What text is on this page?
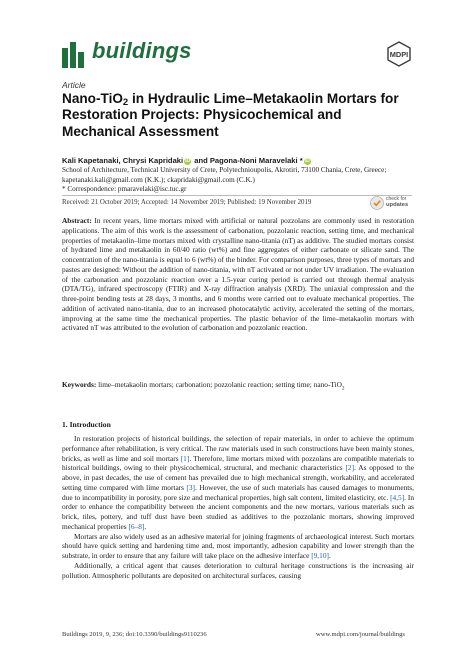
buildings	MDPI
Article
Nano-TiO$_2$ in Hydraulic Lime–Metakaolin Mortars for Restoration Projects: Physicochemical and Mechanical Assessment
Kali Kapetanaki, Chrysi Kapridaki iD and Pagona-Noni Maravelaki * iD
School of Architecture, Technical University of Crete, Polytechnioupolis, Akrotiri, 73100 Chania, Crete, Greece; kapetanaki.kali@gmail.com (K.K.); ckapridaki@gmail.com (C.K.)
* Correspondence: pmaravelaki@isc.tuc.gr
Received: 21 October 2019; Accepted: 14 November 2019; Published: 19 November 2019	check for
updates
Abstract: In recent years, lime mortars mixed with artificial or natural pozzolans are commonly used in restoration applications. The aim of this work is the assessment of carbonation, pozzolanic reaction, setting time, and mechanical properties of metakaolin–lime mortars mixed with crystalline nano-titania (nT) as additive. The studied mortars consist of hydrated lime and metakaolin in 60/40 ratio (wt%) and fine aggregates of either carbonate or silicate sand. The concentration of the nano-titania is equal to 6 (wt%) of the binder. For comparison purposes, three types of mortars and pastes are designed: Without the addition of nano-titania, with nT activated or not under UV irradiation. The evaluation of the carbonation and pozzolanic reaction over a 1.5-year curing period is carried out through thermal analysis (DTA/TG), infrared spectroscopy (FTIR) and X-ray diffraction analysis (XRD). The uniaxial compression and the three-point bending tests at 28 days, 3 months, and 6 months were carried out to evaluate mechanical properties. The addition of activated nano-titania, due to an increased photocatalytic activity, accelerated the setting of the mortars, improving at the same time the mechanical properties. The plastic behavior of the lime–metakaolin mortars with activated nT was attributed to the evolution of carbonation and pozzolanic reaction.
Keywords: lime–metakaolin mortars; carbonation; pozzolanic reaction; setting time; nano-TiO$_2$
1. Introduction

In restoration projects of historical buildings, the selection of repair materials, in order to achieve the optimum performance after rehabilitation, is very critical. The raw materials used in such constructions have been mainly stones, bricks, as well as lime and soil mortars [1]. Therefore, lime mortars mixed with pozzolans are compatible materials to historical buildings, owing to their physicochemical, structural, and mechanic characteristics [2]. As opposed to the above, in past decades, the use of cement has prevailed due to high mechanical strength, workability, and accelerated setting time compared with lime mortars [3]. However, the use of such materials has caused damages to monuments, due to incompatibility in porosity, pore size and mechanical properties, high salt content, limited elasticity, etc. [4,5]. In order to enhance the compatibility between the ancient components and the new mortars, various materials such as brick, tiles, pottery, and tuff dust have been studied as additives to the pozzolanic mortars, showing improved mechanical properties [6–8].

Mortars are also widely used as an adhesive material for joining fragments of archaeological interest. Such mortars should have quick setting and hardening time and, most importantly, adhesion capability and lower strength than the substrate, in order to ensure that any failure will take place on the adhesive interface [9,10].

Additionally, a critical agent that causes deterioration to cultural heritage constructions is the increasing air pollution. Atmospheric pollutants are deposited on architectural surfaces, causing

Buildings 2019, 9, 236; doi:10.3390/buildings9110236	www.mdpi.com/journal/buildings
